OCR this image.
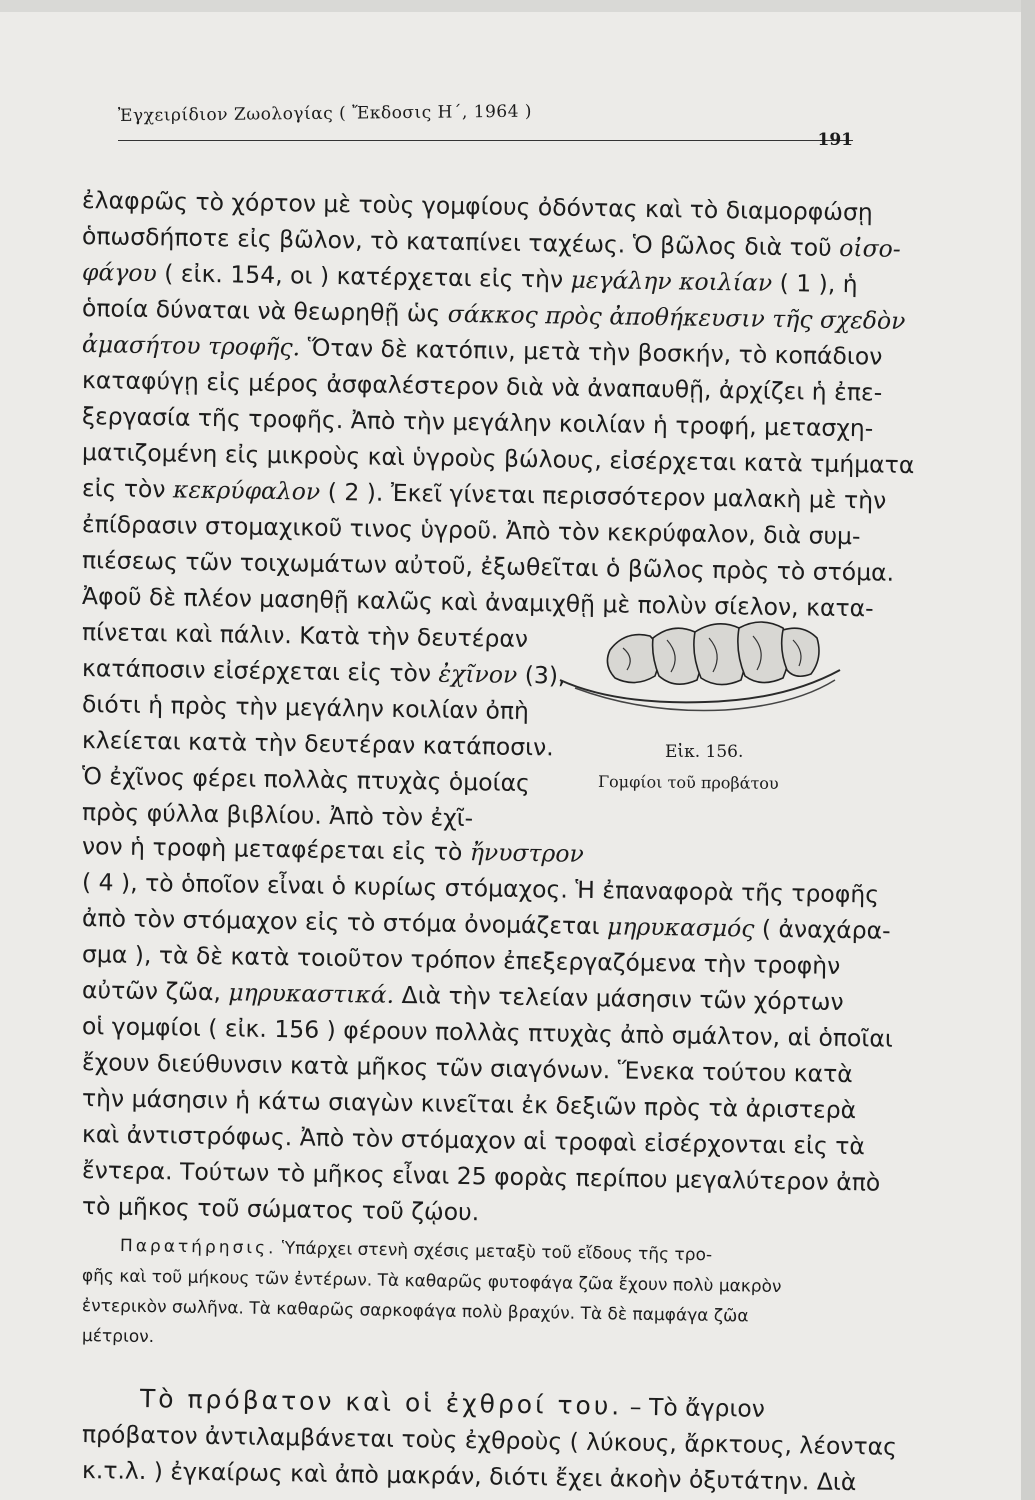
Ἐγχειρίδιον Ζωολογίας ( Ἔκδοσις Η΄, 1964 )
191
ἐλαφρῶς τὸ χόρτον μὲ τοὺς γομφίους ὀδόντας καὶ τὸ διαμορφώσῃ
ὁπωσδήποτε εἰς βῶλον, τὸ καταπίνει ταχέως. Ὁ βῶλος διὰ τοῦ οἰσο-
φάγου ( εἰκ. 154, οι ) κατέρχεται εἰς τὴν μεγάλην κοιλίαν ( 1 ), ἡ
ὁποία δύναται νὰ θεωρηθῇ ὡς σάκκος πρὸς ἀποθήκευσιν τῆς σχεδὸν
ἀμασήτου τροφῆς. Ὅταν δὲ κατόπιν, μετὰ τὴν βοσκήν, τὸ κοπάδιον
καταφύγῃ εἰς μέρος ἀσφαλέστερον διὰ νὰ ἀναπαυθῇ, ἀρχίζει ἡ ἐπε-
ξεργασία τῆς τροφῆς. Ἀπὸ τὴν μεγάλην κοιλίαν ἡ τροφή, μετασχη-
ματιζομένη εἰς μικροὺς καὶ ὑγροὺς βώλους, εἰσέρχεται κατὰ τμήματα
εἰς τὸν κεκρύφαλον ( 2 ). Ἐκεῖ γίνεται περισσότερον μαλακὴ μὲ τὴν
ἐπίδρασιν στομαχικοῦ τινος ὑγροῦ. Ἀπὸ τὸν κεκρύφαλον, διὰ συμ-
πιέσεως τῶν τοιχωμάτων αὐτοῦ, ἐξωθεῖται ὁ βῶλος πρὸς τὸ στόμα.
Ἀφοῦ δὲ πλέον μασηθῇ καλῶς καὶ ἀναμιχθῇ μὲ πολὺν σίελον, κατα-
πίνεται καὶ πάλιν. Κατὰ τὴν δευτέραν
κατάποσιν εἰσέρχεται εἰς τὸν ἐχῖνον (3),
διότι ἡ πρὸς τὴν μεγάλην κοιλίαν ὀπὴ
κλείεται κατὰ τὴν δευτέραν κατάποσιν.
Ὁ ἐχῖνος φέρει πολλὰς πτυχὰς ὁμοίας
πρὸς φύλλα βιβλίου. Ἀπὸ τὸν ἐχῖ-
νον ἡ τροφὴ μεταφέρεται εἰς τὸ ἤνυστρον
Εἰκ. 156.
Γομφίοι τοῦ προβάτου
( 4 ), τὸ ὁποῖον εἶναι ὁ κυρίως στόμαχος. Ἡ ἐπαναφορὰ τῆς τροφῆς
ἀπὸ τὸν στόμαχον εἰς τὸ στόμα ὀνομάζεται μηρυκασμός ( ἀναχάρα-
σμα ), τὰ δὲ κατὰ τοιοῦτον τρόπον ἐπεξεργαζόμενα τὴν τροφὴν
αὐτῶν ζῶα, μηρυκαστικά. Διὰ τὴν τελείαν μάσησιν τῶν χόρτων
οἱ γομφίοι ( εἰκ. 156 ) φέρουν πολλὰς πτυχὰς ἀπὸ σμάλτον, αἱ ὁποῖαι
ἔχουν διεύθυνσιν κατὰ μῆκος τῶν σιαγόνων. Ἕνεκα τούτου κατὰ
τὴν μάσησιν ἡ κάτω σιαγὼν κινεῖται ἐκ δεξιῶν πρὸς τὰ ἀριστερὰ
καὶ ἀντιστρόφως. Ἀπὸ τὸν στόμαχον αἱ τροφαὶ εἰσέρχονται εἰς τὰ
ἔντερα. Τούτων τὸ μῆκος εἶναι 25 φορὰς περίπου μεγαλύτερον ἀπὸ
τὸ μῆκος τοῦ σώματος τοῦ ζῴου.
Παρατήρησις. Ὑπάρχει στενὴ σχέσις μεταξὺ τοῦ εἴδους τῆς τρο-
φῆς καὶ τοῦ μήκους τῶν ἐντέρων. Τὰ καθαρῶς φυτοφάγα ζῶα ἔχουν πολὺ μακρὸν
ἐντερικὸν σωλῆνα. Τὰ καθαρῶς σαρκοφάγα πολὺ βραχύν. Τὰ δὲ παμφάγα ζῶα
μέτριον.
Τὸ πρόβατον καὶ οἱ ἐχθροί του. – Τὸ ἄγριον
πρόβατον ἀντιλαμβάνεται τοὺς ἐχθροὺς ( λύκους, ἄρκτους, λέοντας
κ.τ.λ. ) ἐγκαίρως καὶ ἀπὸ μακράν, διότι ἔχει ἀκοὴν ὀξυτάτην. Διὰ
